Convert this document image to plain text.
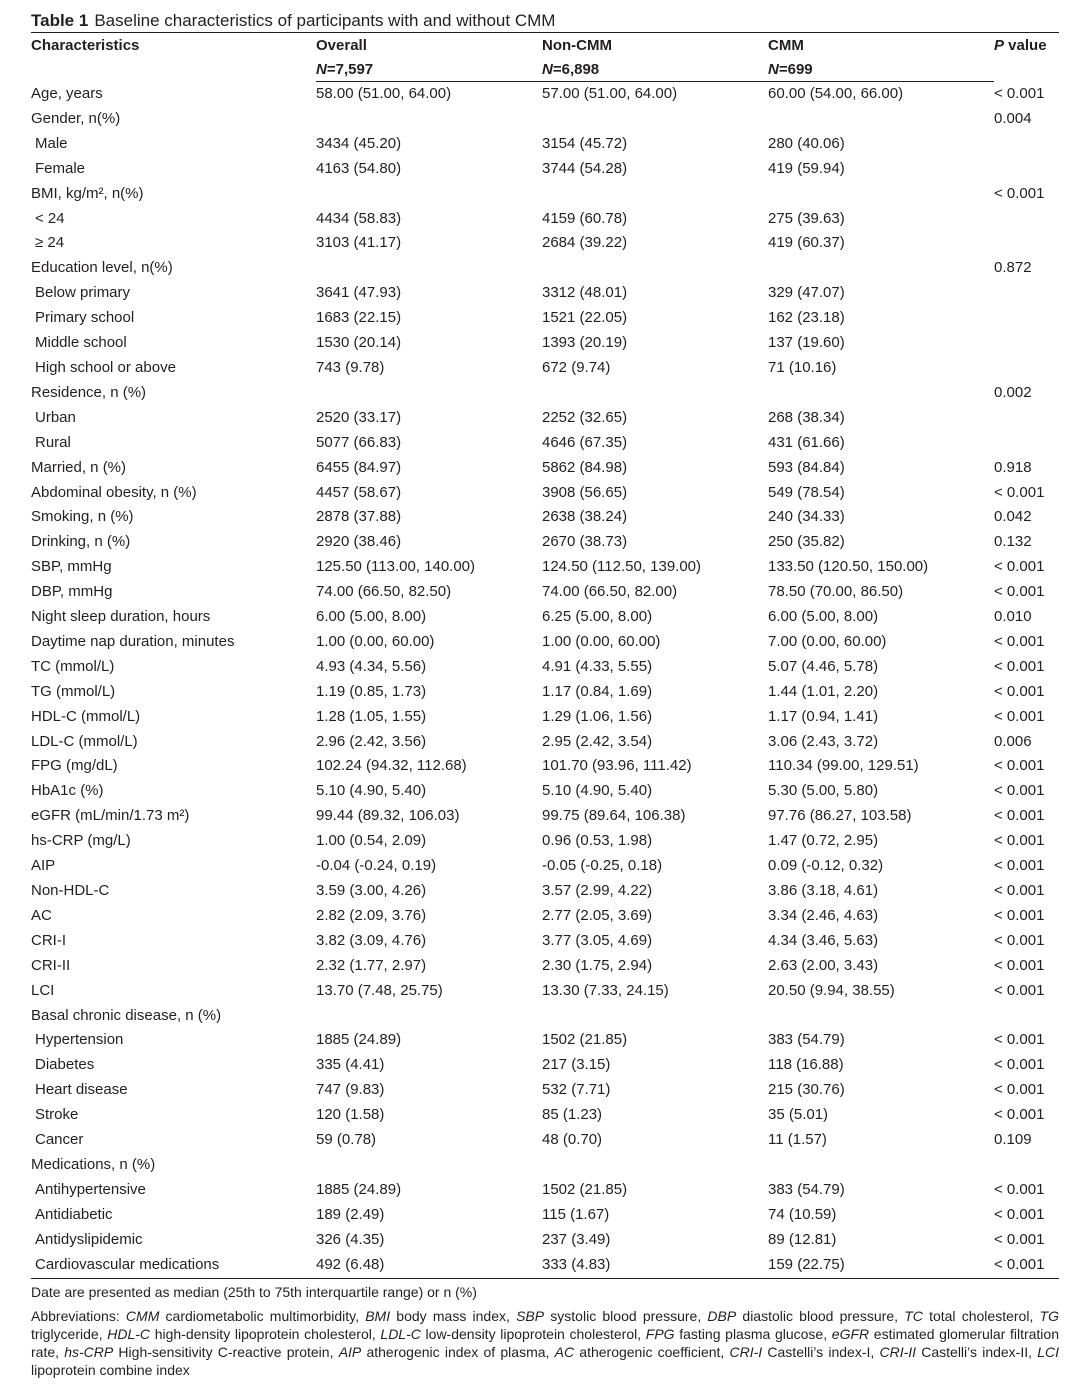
Table 1 Baseline characteristics of participants with and without CMM
Characteristics	Overall	Non-CMM	CMM	P value
	N=7,597	N=6,898	N=699	
Age, years	58.00 (51.00, 64.00)	57.00 (51.00, 64.00)	60.00 (54.00, 66.00)	< 0.001
Gender, n(%)				0.004
Male	3434 (45.20)	3154 (45.72)	280 (40.06)	
Female	4163 (54.80)	3744 (54.28)	419 (59.94)	
BMI, kg/m², n(%)				< 0.001
< 24	4434 (58.83)	4159 (60.78)	275 (39.63)	
≥ 24	3103 (41.17)	2684 (39.22)	419 (60.37)	
Education level, n(%)				0.872
Below primary	3641 (47.93)	3312 (48.01)	329 (47.07)	
Primary school	1683 (22.15)	1521 (22.05)	162 (23.18)	
Middle school	1530 (20.14)	1393 (20.19)	137 (19.60)	
High school or above	743 (9.78)	672 (9.74)	71 (10.16)	
Residence, n (%)				0.002
Urban	2520 (33.17)	2252 (32.65)	268 (38.34)	
Rural	5077 (66.83)	4646 (67.35)	431 (61.66)	
Married, n (%)	6455 (84.97)	5862 (84.98)	593 (84.84)	0.918
Abdominal obesity, n (%)	4457 (58.67)	3908 (56.65)	549 (78.54)	< 0.001
Smoking, n (%)	2878 (37.88)	2638 (38.24)	240 (34.33)	0.042
Drinking, n (%)	2920 (38.46)	2670 (38.73)	250 (35.82)	0.132
SBP, mmHg	125.50 (113.00, 140.00)	124.50 (112.50, 139.00)	133.50 (120.50, 150.00)	< 0.001
DBP, mmHg	74.00 (66.50, 82.50)	74.00 (66.50, 82.00)	78.50 (70.00, 86.50)	< 0.001
Night sleep duration, hours	6.00 (5.00, 8.00)	6.25 (5.00, 8.00)	6.00 (5.00, 8.00)	0.010
Daytime nap duration, minutes	1.00 (0.00, 60.00)	1.00 (0.00, 60.00)	7.00 (0.00, 60.00)	< 0.001
TC (mmol/L)	4.93 (4.34, 5.56)	4.91 (4.33, 5.55)	5.07 (4.46, 5.78)	< 0.001
TG (mmol/L)	1.19 (0.85, 1.73)	1.17 (0.84, 1.69)	1.44 (1.01, 2.20)	< 0.001
HDL-C (mmol/L)	1.28 (1.05, 1.55)	1.29 (1.06, 1.56)	1.17 (0.94, 1.41)	< 0.001
LDL-C (mmol/L)	2.96 (2.42, 3.56)	2.95 (2.42, 3.54)	3.06 (2.43, 3.72)	0.006
FPG (mg/dL)	102.24 (94.32, 112.68)	101.70 (93.96, 111.42)	110.34 (99.00, 129.51)	< 0.001
HbA1c (%)	5.10 (4.90, 5.40)	5.10 (4.90, 5.40)	5.30 (5.00, 5.80)	< 0.001
eGFR (mL/min/1.73 m²)	99.44 (89.32, 106.03)	99.75 (89.64, 106.38)	97.76 (86.27, 103.58)	< 0.001
hs-CRP (mg/L)	1.00 (0.54, 2.09)	0.96 (0.53, 1.98)	1.47 (0.72, 2.95)	< 0.001
AIP	-0.04 (-0.24, 0.19)	-0.05 (-0.25, 0.18)	0.09 (-0.12, 0.32)	< 0.001
Non-HDL-C	3.59 (3.00, 4.26)	3.57 (2.99, 4.22)	3.86 (3.18, 4.61)	< 0.001
AC	2.82 (2.09, 3.76)	2.77 (2.05, 3.69)	3.34 (2.46, 4.63)	< 0.001
CRI-I	3.82 (3.09, 4.76)	3.77 (3.05, 4.69)	4.34 (3.46, 5.63)	< 0.001
CRI-II	2.32 (1.77, 2.97)	2.30 (1.75, 2.94)	2.63 (2.00, 3.43)	< 0.001
LCI	13.70 (7.48, 25.75)	13.30 (7.33, 24.15)	20.50 (9.94, 38.55)	< 0.001
Basal chronic disease, n (%)				
Hypertension	1885 (24.89)	1502 (21.85)	383 (54.79)	< 0.001
Diabetes	335 (4.41)	217 (3.15)	118 (16.88)	< 0.001
Heart disease	747 (9.83)	532 (7.71)	215 (30.76)	< 0.001
Stroke	120 (1.58)	85 (1.23)	35 (5.01)	< 0.001
Cancer	59 (0.78)	48 (0.70)	11 (1.57)	0.109
Medications, n (%)				
Antihypertensive	1885 (24.89)	1502 (21.85)	383 (54.79)	< 0.001
Antidiabetic	189 (2.49)	115 (1.67)	74 (10.59)	< 0.001
Antidyslipidemic	326 (4.35)	237 (3.49)	89 (12.81)	< 0.001
Cardiovascular medications	492 (6.48)	333 (4.83)	159 (22.75)	< 0.001
Date are presented as median (25th to 75th interquartile range) or n (%)
Abbreviations: CMM cardiometabolic multimorbidity, BMI body mass index, SBP systolic blood pressure, DBP diastolic blood pressure, TC total cholesterol, TG triglyceride, HDL-C high-density lipoprotein cholesterol, LDL-C low-density lipoprotein cholesterol, FPG fasting plasma glucose, eGFR estimated glomerular filtration rate, hs-CRP High-sensitivity C-reactive protein, AIP atherogenic index of plasma, AC atherogenic coefficient, CRI-I Castelli’s index-I, CRI-II Castelli’s index-II, LCI lipoprotein combine index
